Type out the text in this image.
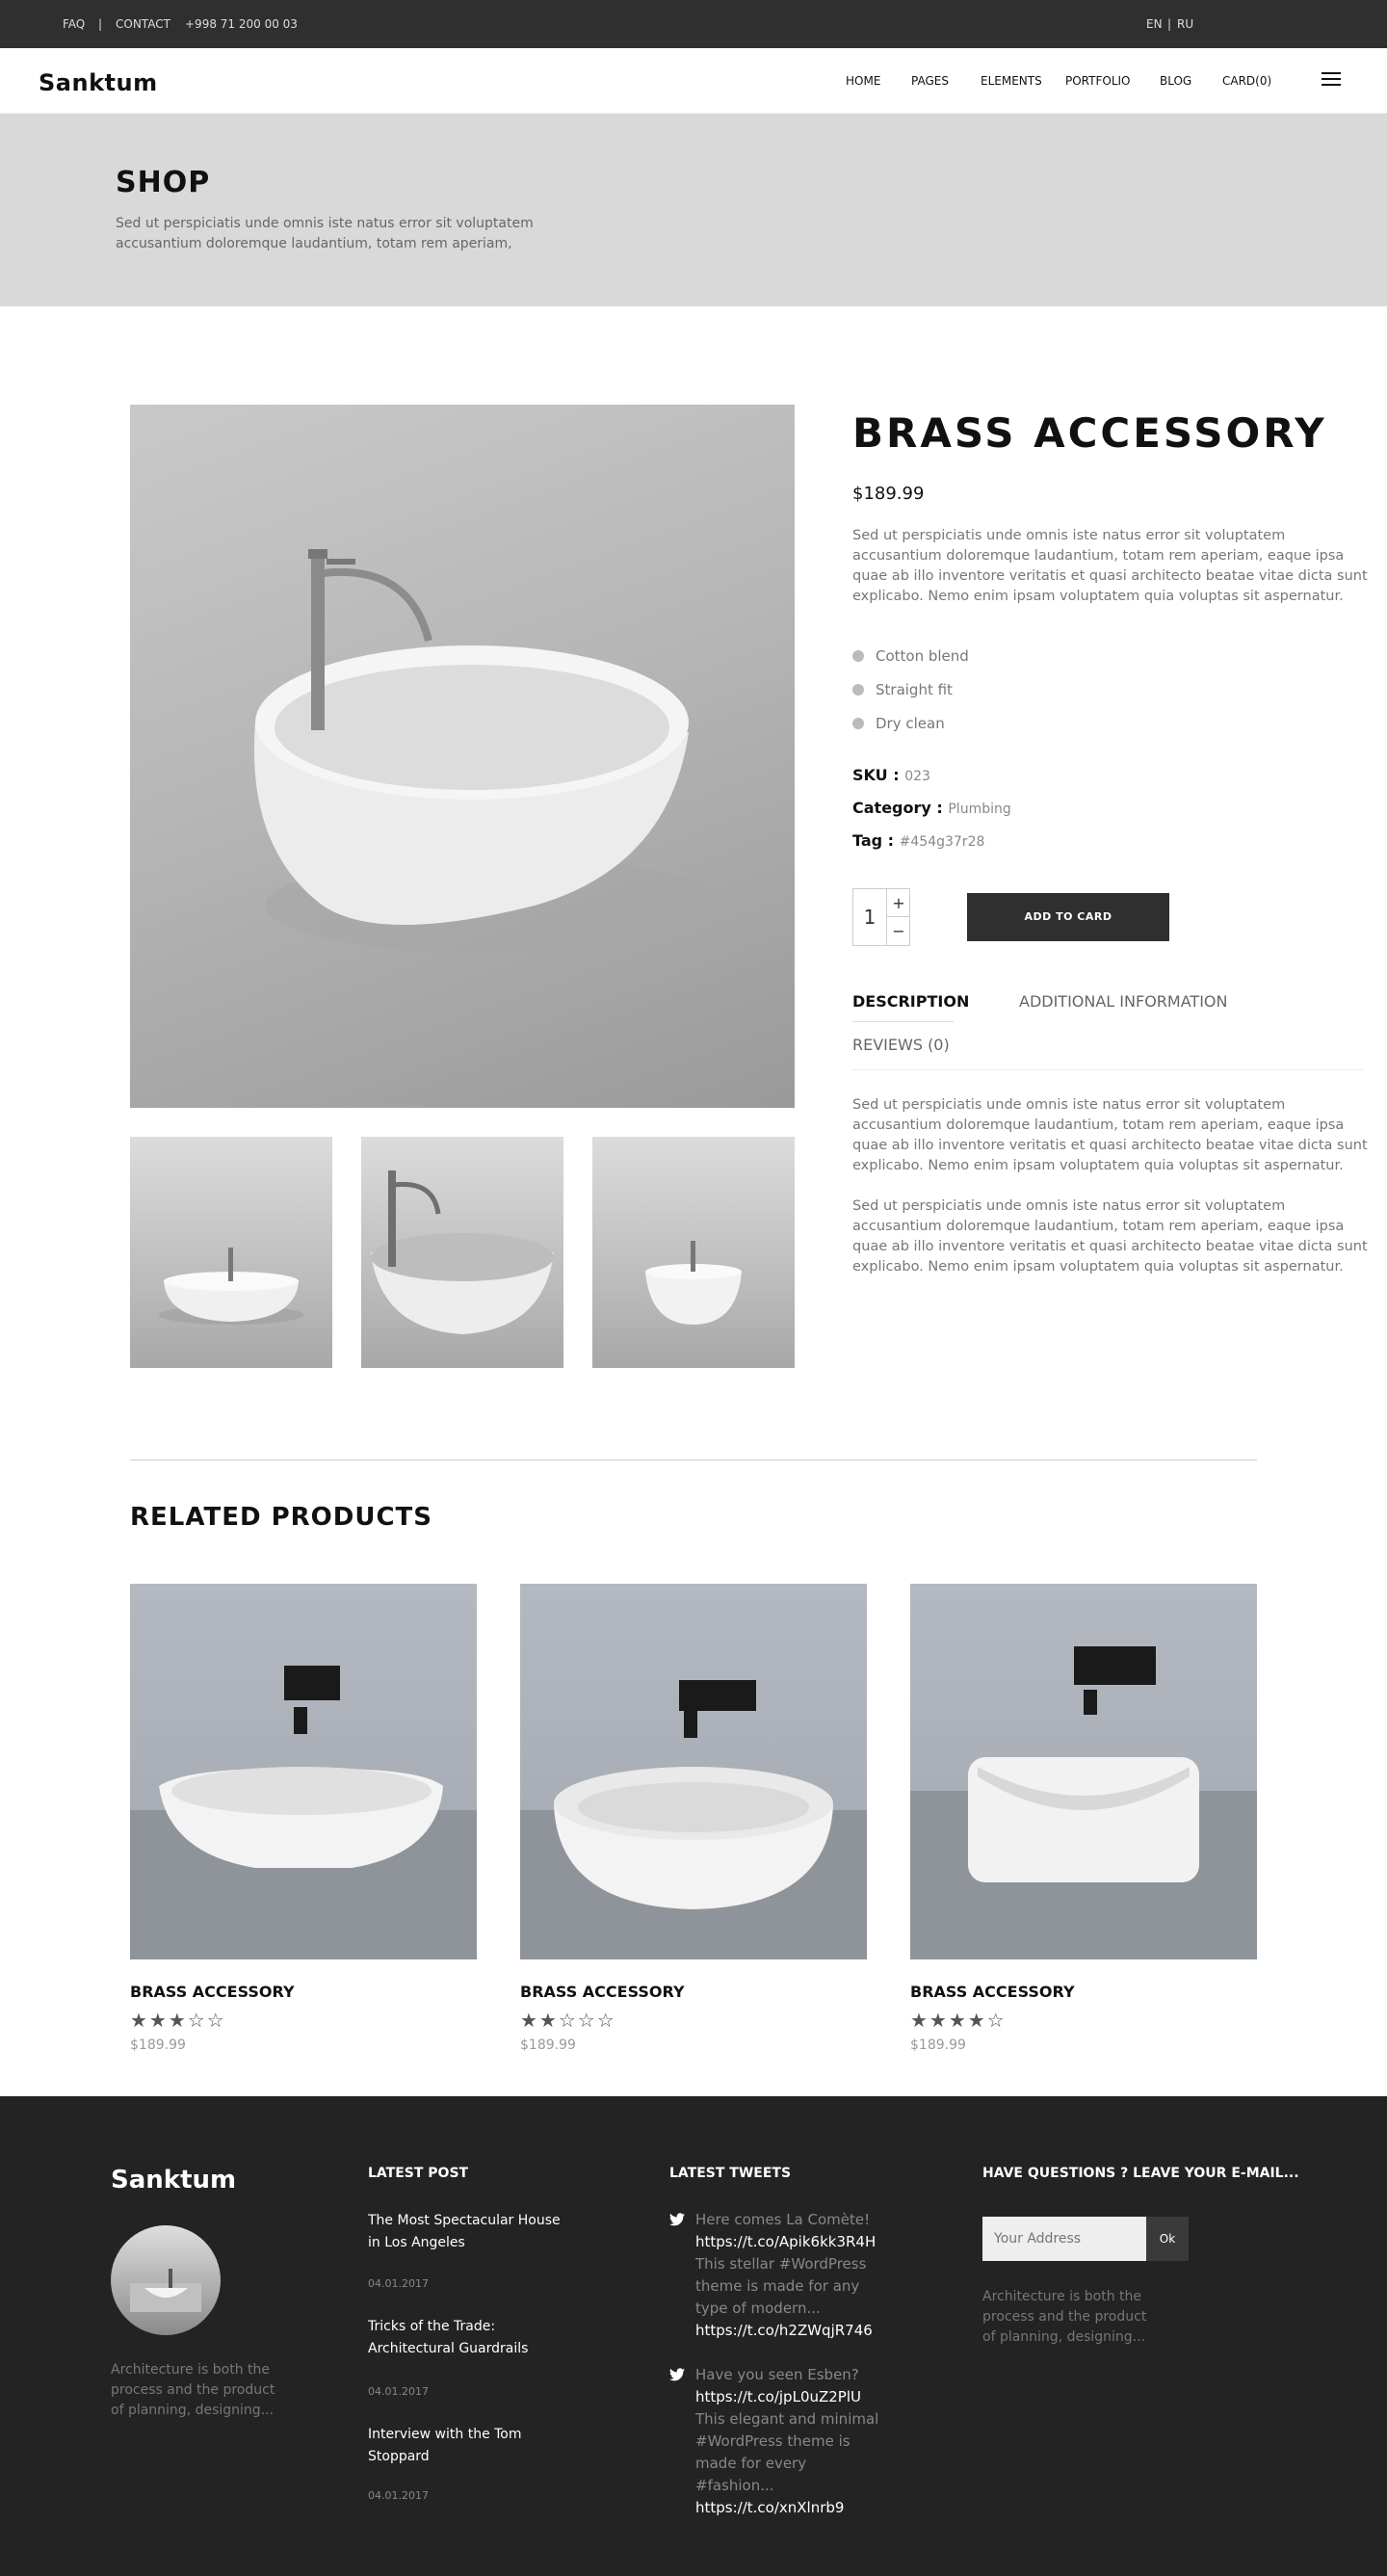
FAQ | CONTACT +998 71 200 00 03	EN | RU
Sanktum	HOME	PAGES	ELEMENTS PORTFOLIO	BLOG	CARD(0)
SHOP

Sed ut perspiciatis unde omnis iste natus error sit voluptatem accusantium doloremque laudantium, totam rem aperiam,

BRASS ACCESSORY
$189.99
Sed ut perspiciatis unde omnis iste natus error sit voluptatem accusantium doloremque laudantium, totam rem aperiam, eaque ipsa quae ab illo inventore veritatis et quasi architecto beatae vitae dicta sunt explicabo. Nemo enim ipsam voluptatem quia voluptas sit aspernatur.
Cotton blend
Straight fit
Dry clean
SKU : 023
Category : Plumbing
Tag : #454g37r28
1
+
−
ADD TO CARD
DESCRIPTION	ADDITIONAL INFORMATION
REVIEWS (0)
Sed ut perspiciatis unde omnis iste natus error sit voluptatem accusantium doloremque laudantium, totam rem aperiam, eaque ipsa quae ab illo inventore veritatis et quasi architecto beatae vitae dicta sunt explicabo. Nemo enim ipsam voluptatem quia voluptas sit aspernatur.
Sed ut perspiciatis unde omnis iste natus error sit voluptatem accusantium doloremque laudantium, totam rem aperiam, eaque ipsa quae ab illo inventore veritatis et quasi architecto beatae vitae dicta sunt explicabo. Nemo enim ipsam voluptatem quia voluptas sit aspernatur.
RELATED PRODUCTS
BRASS ACCESSORY
★★★☆☆
$189.99
BRASS ACCESSORY
★★☆☆☆
$189.99
BRASS ACCESSORY
★★★★☆
$189.99
Sanktum
Architecture is both the process and the product of planning, designing...
LATEST POST
The Most Spectacular House in Los Angeles
04.01.2017
Tricks of the Trade: Architectural Guardrails
04.01.2017
Interview with the Tom Stoppard
04.01.2017
LATEST TWEETS
Here comes La Comète!
https://t.co/Apik6kk3R4H
This stellar #WordPress theme is made for any type of modern...
https://t.co/h2ZWqjR746
Have you seen Esben?
https://t.co/jpL0uZ2PlU
This elegant and minimal #WordPress theme is made for every #fashion...
https://t.co/xnXlnrb9
HAVE QUESTIONS ? LEAVE YOUR E-MAIL...
Your Address
Ok
Architecture is both the process and the product of planning, designing...
